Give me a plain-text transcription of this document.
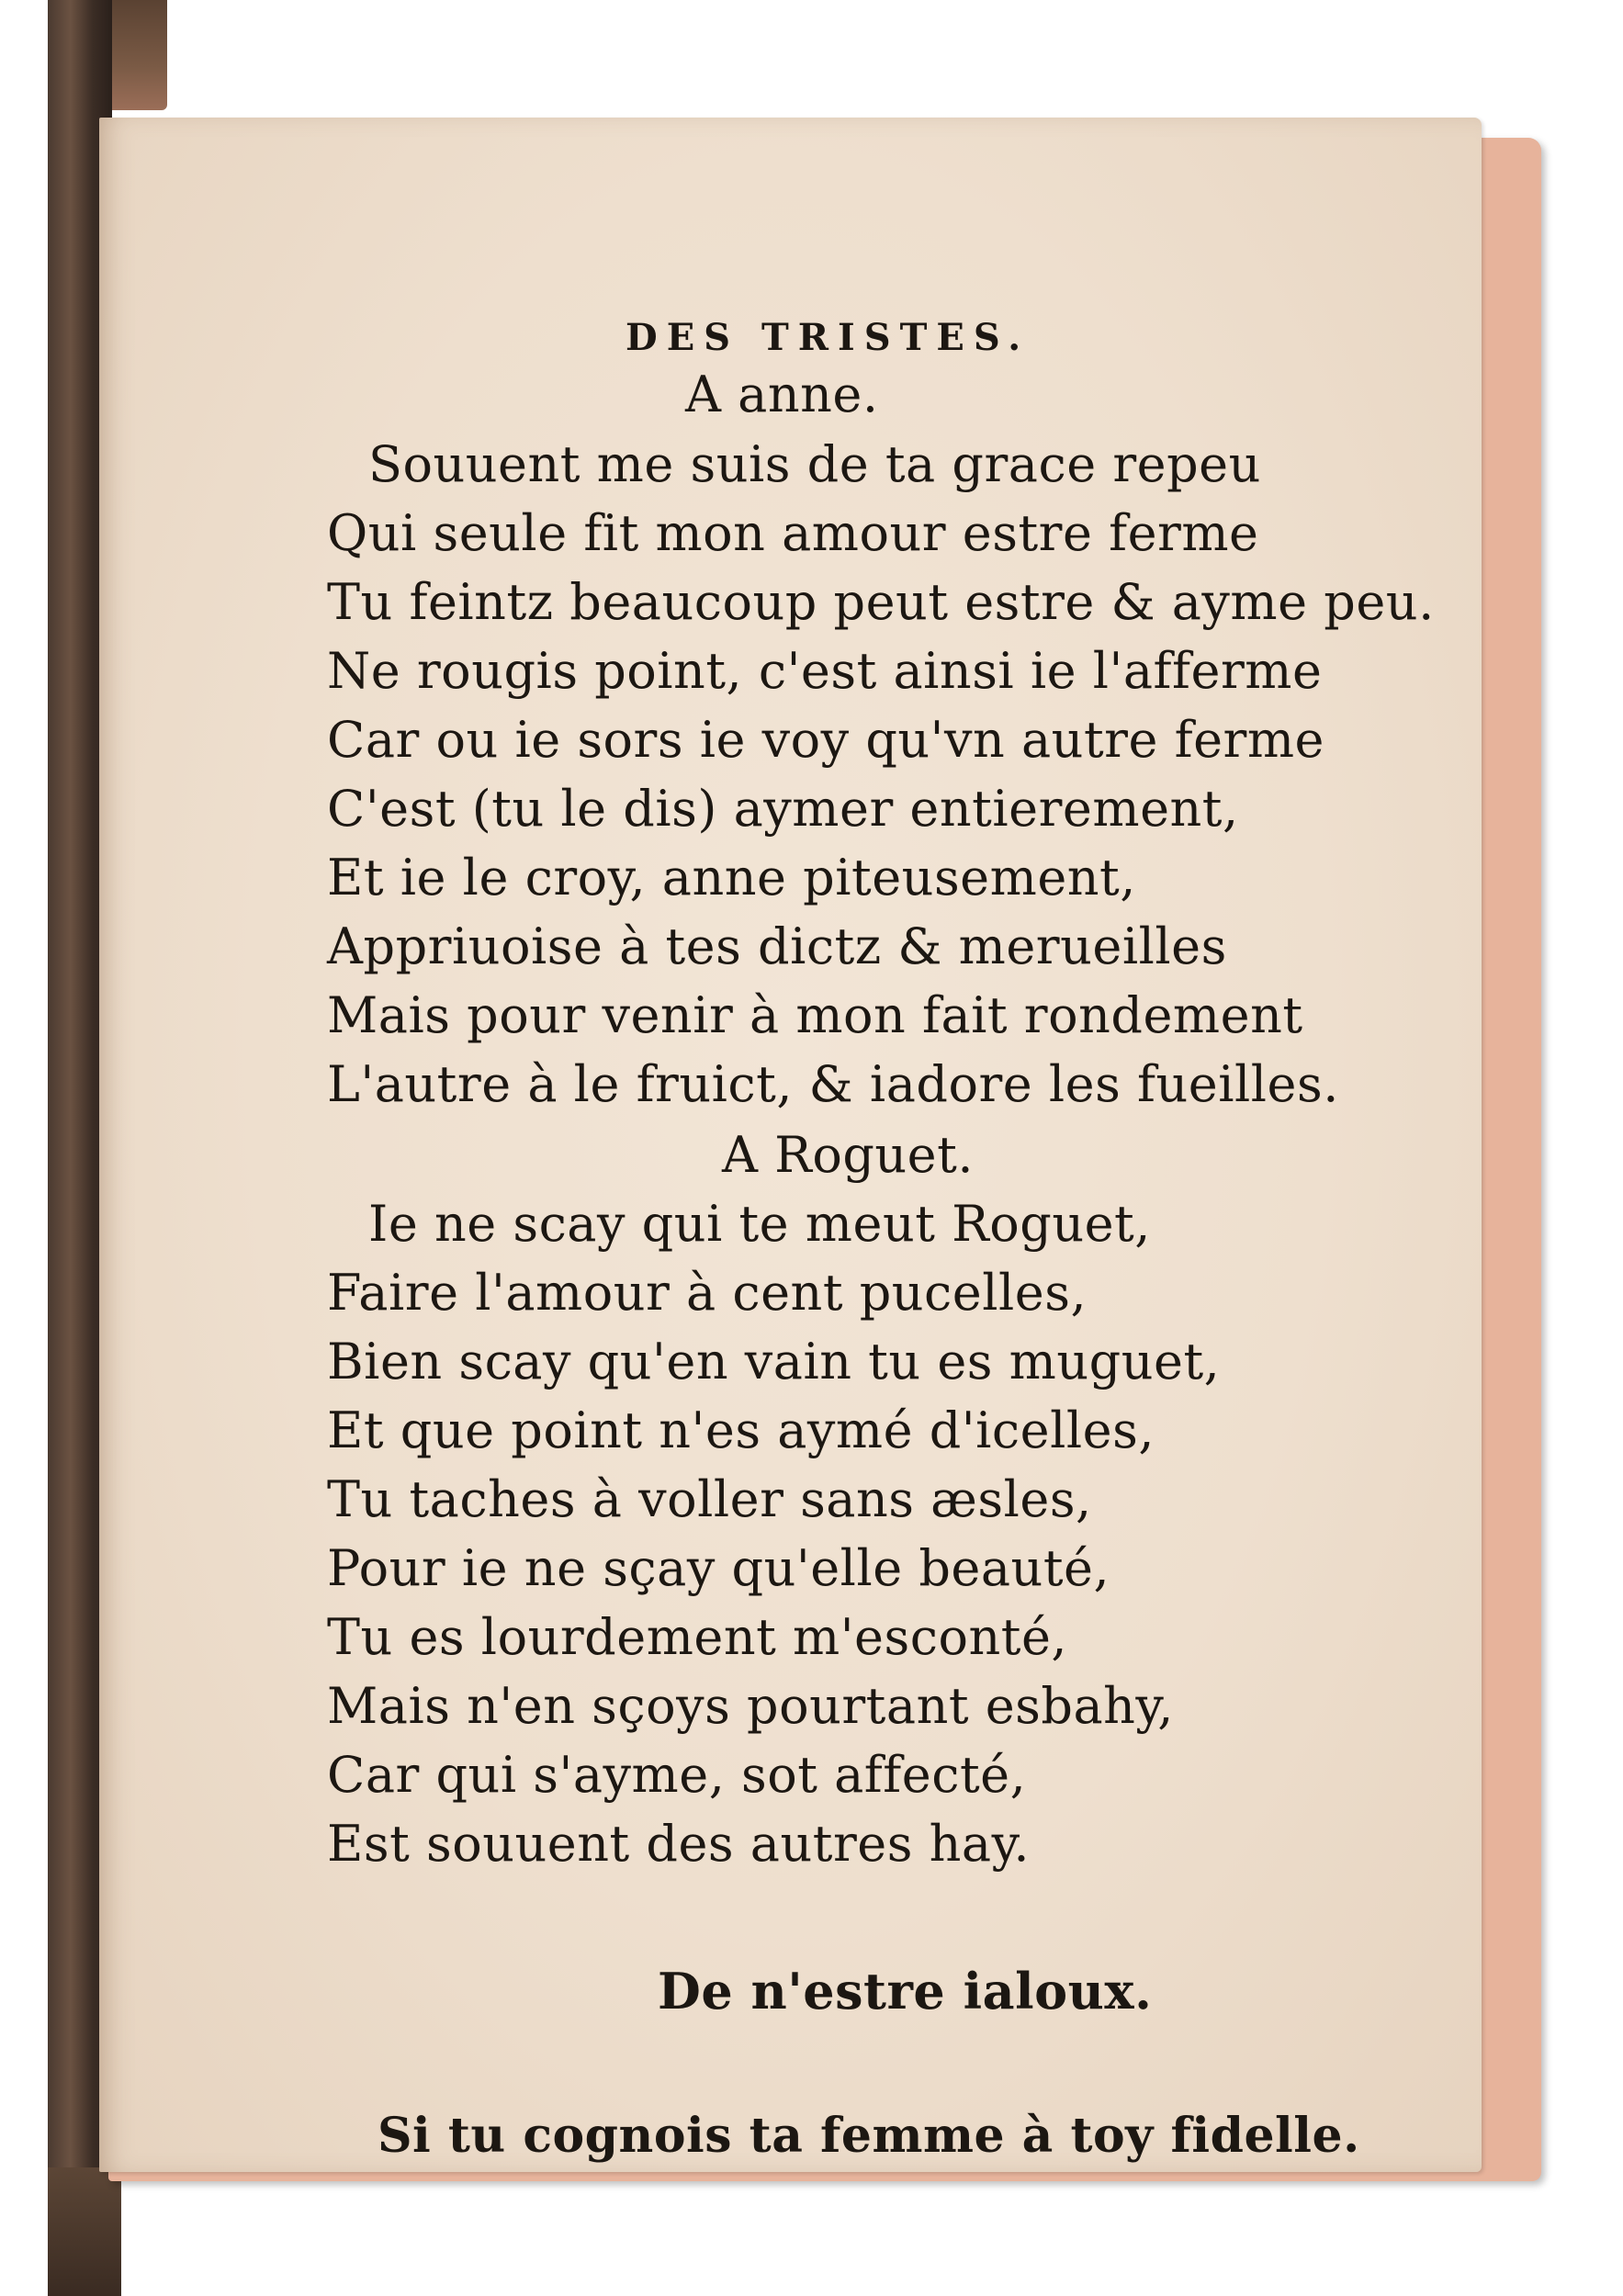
DES TRISTES.
A anne.
Souuent me suis de ta grace repeu
Qui seule fit mon amour estre ferme
Tu feintz beaucoup peut estre & ayme peu.
Ne rougis point, c'est ainsi ie l'afferme
Car ou ie sors ie voy qu'vn autre ferme
C'est (tu le dis) aymer entierement,
Et ie le croy, anne piteusement,
Appriuoise à tes dictz & merueilles
Mais pour venir à mon fait rondement
L'autre à le fruict, & iadore les fueilles.
A Roguet.
Ie ne scay qui te meut Roguet,
Faire l'amour à cent pucelles,
Bien scay qu'en vain tu es muguet,
Et que point n'es aymé d'icelles,
Tu taches à voller sans æsles,
Pour ie ne sçay qu'elle beauté,
Tu es lourdement m'esconté,
Mais n'en sçoys pourtant esbahy,
Car qui s'ayme, sot affecté,
Est souuent des autres hay.
De n'estre ialoux.
Si tu cognois ta femme à toy fidelle.
